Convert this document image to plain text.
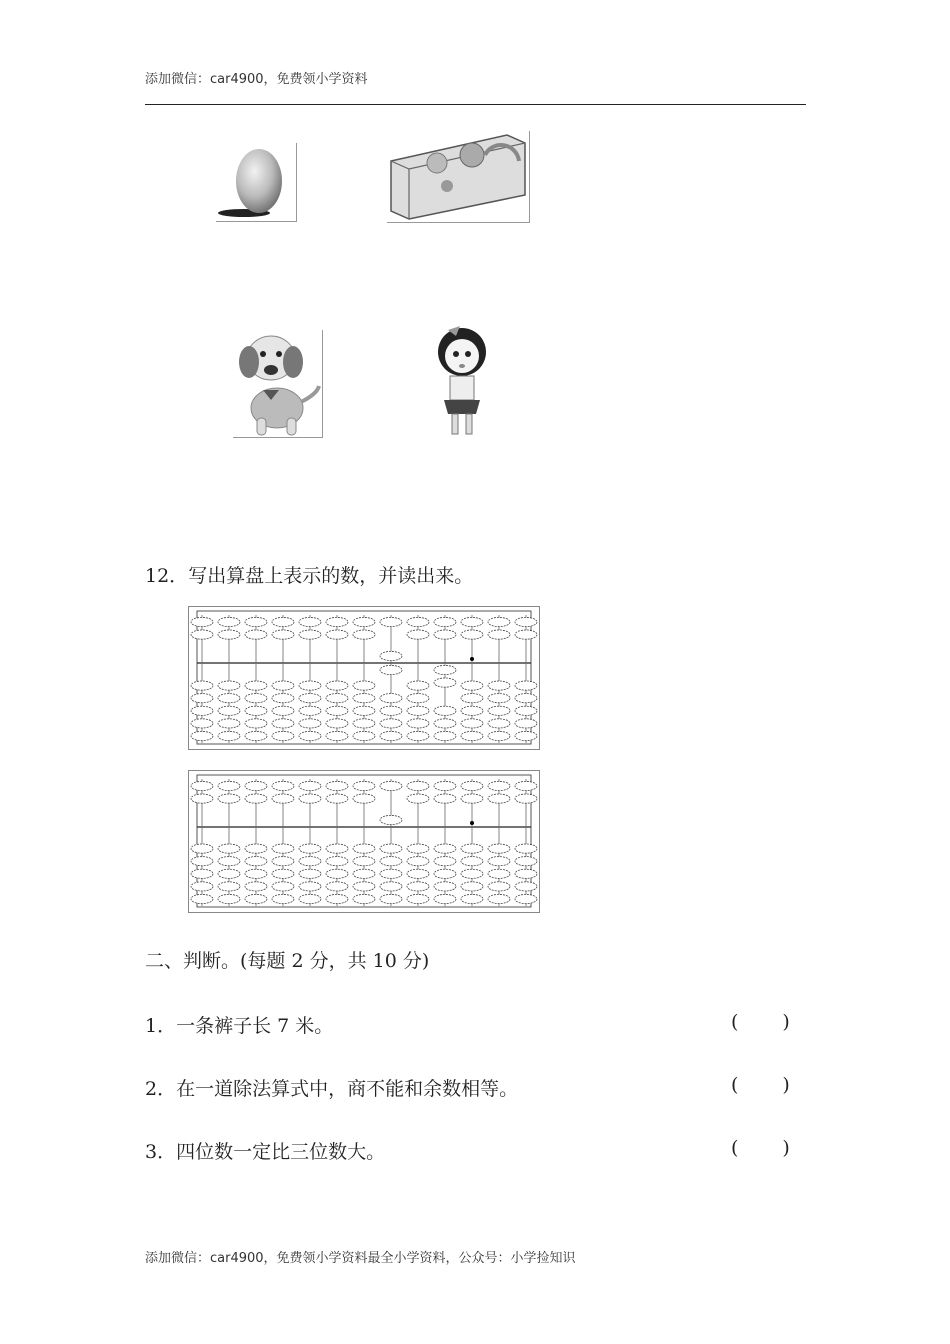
添加微信：car4900，免费领小学资料
12．写出算盘上表示的数，并读出来。
二、判断。(每题 2 分，共 10 分)
1．一条裤子长 7 米。	( )
2．在一道除法算式中，商不能和余数相等。	( )
3．四位数一定比三位数大。	( )
添加微信：car4900，免费领小学资料最全小学资料，公众号：小学捡知识
